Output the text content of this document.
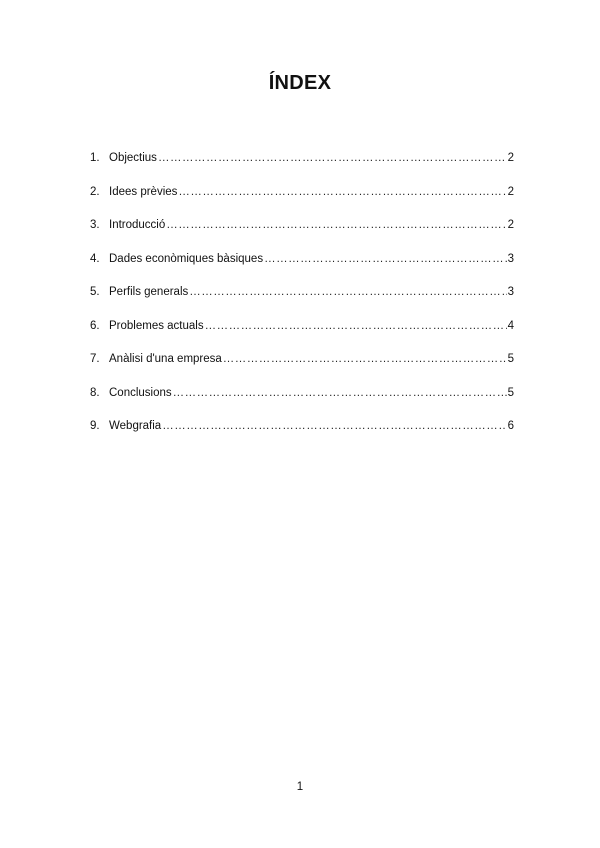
ÍNDEX
1. Objectius …………………………………………………………………………………………………………………………………………	2
2. Idees prèvies …………………………………………………………………………………………………………………………………………	2
3. Introducció …………………………………………………………………………………………………………………………………………	2
4. Dades econòmiques bàsiques …………………………………………………………………………………………………………………………………………	3
5. Perfils generals …………………………………………………………………………………………………………………………………………	3
6. Problemes actuals …………………………………………………………………………………………………………………………………………	4
7. Anàlisi d'una empresa …………………………………………………………………………………………………………………………………………	5
8. Conclusions …………………………………………………………………………………………………………………………………………	5
9. Webgrafia …………………………………………………………………………………………………………………………………………	6
1
